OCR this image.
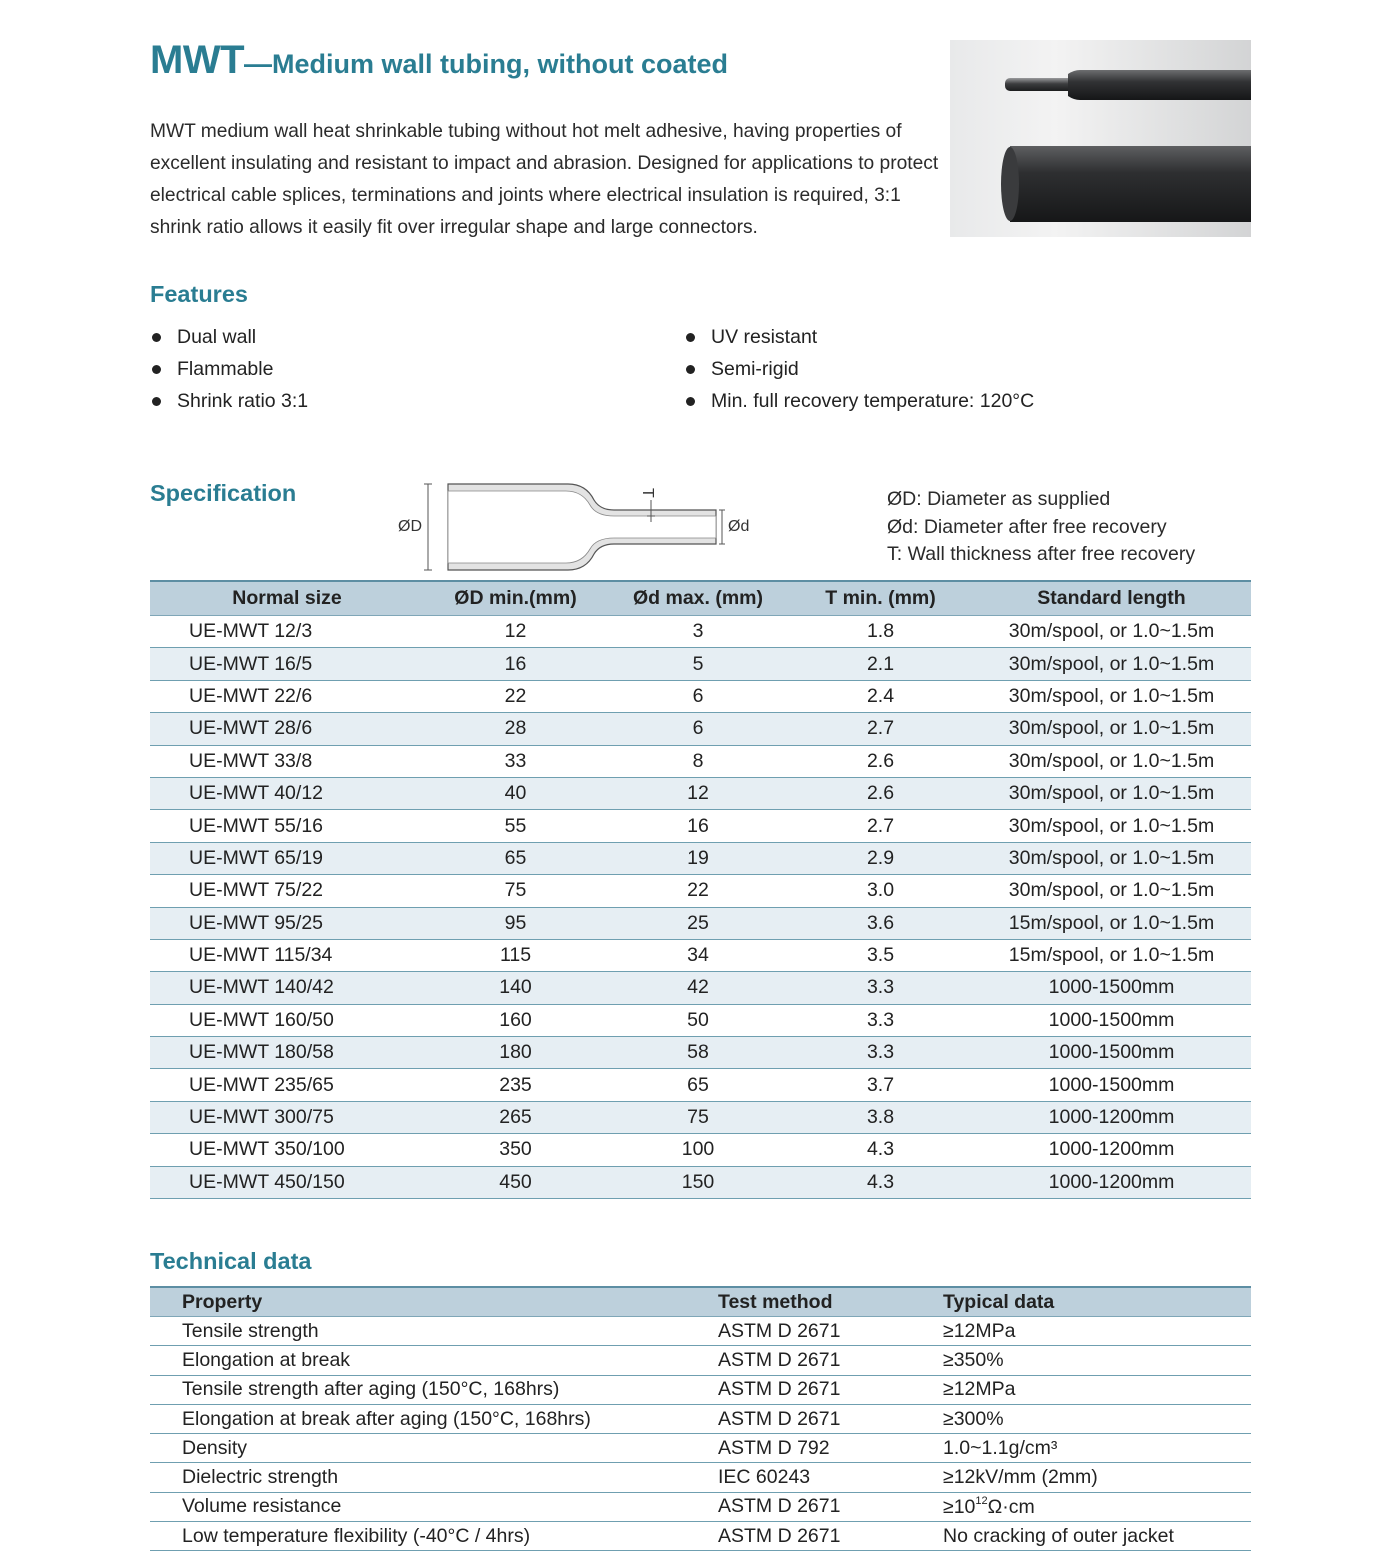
MWT—Medium wall tubing, without coated

MWT medium wall heat shrinkable tubing without hot melt adhesive, having properties of excellent insulating and resistant to impact and abrasion. Designed for applications to protect electrical cable splices, terminations and joints where electrical insulation is required, 3:1 shrink ratio allows it easily fit over irregular shape and large connectors.

Features
Dual wall
Flammable
Shrink ratio 3:1
UV resistant
Semi-rigid
Min. full recovery temperature: 120°C
Specification
ØD	Ød
T	ØD: Diameter as supplied
Ød: Diameter after free recovery
T: Wall thickness after free recovery
Normal size	ØD min.(mm)	Ød max. (mm)	T min. (mm)	Standard length
UE-MWT 12/3	12	3	1.8	30m/spool, or 1.0~1.5m
UE-MWT 16/5	16	5	2.1	30m/spool, or 1.0~1.5m
UE-MWT 22/6	22	6	2.4	30m/spool, or 1.0~1.5m
UE-MWT 28/6	28	6	2.7	30m/spool, or 1.0~1.5m
UE-MWT 33/8	33	8	2.6	30m/spool, or 1.0~1.5m
UE-MWT 40/12	40	12	2.6	30m/spool, or 1.0~1.5m
UE-MWT 55/16	55	16	2.7	30m/spool, or 1.0~1.5m
UE-MWT 65/19	65	19	2.9	30m/spool, or 1.0~1.5m
UE-MWT 75/22	75	22	3.0	30m/spool, or 1.0~1.5m
UE-MWT 95/25	95	25	3.6	15m/spool, or 1.0~1.5m
UE-MWT 115/34	115	34	3.5	15m/spool, or 1.0~1.5m
UE-MWT 140/42	140	42	3.3	1000-1500mm
UE-MWT 160/50	160	50	3.3	1000-1500mm
UE-MWT 180/58	180	58	3.3	1000-1500mm
UE-MWT 235/65	235	65	3.7	1000-1500mm
UE-MWT 300/75	265	75	3.8	1000-1200mm
UE-MWT 350/100	350	100	4.3	1000-1200mm
UE-MWT 450/150	450	150	4.3	1000-1200mm
Technical data
Property	Test method	Typical data
Tensile strength	ASTM D 2671	≥12MPa
Elongation at break	ASTM D 2671	≥350%
Tensile strength after aging (150°C, 168hrs)	ASTM D 2671	≥12MPa
Elongation at break after aging (150°C, 168hrs)	ASTM D 2671	≥300%
Density	ASTM D 792	1.0~1.1g/cm³
Dielectric strength	IEC 60243	≥12kV/mm (2mm)
Volume resistance	ASTM D 2671	$\ge 10^{12}\Omega\cdot cm$
Low temperature flexibility (-40°C / 4hrs)	ASTM D 2671	No cracking of outer jacket
